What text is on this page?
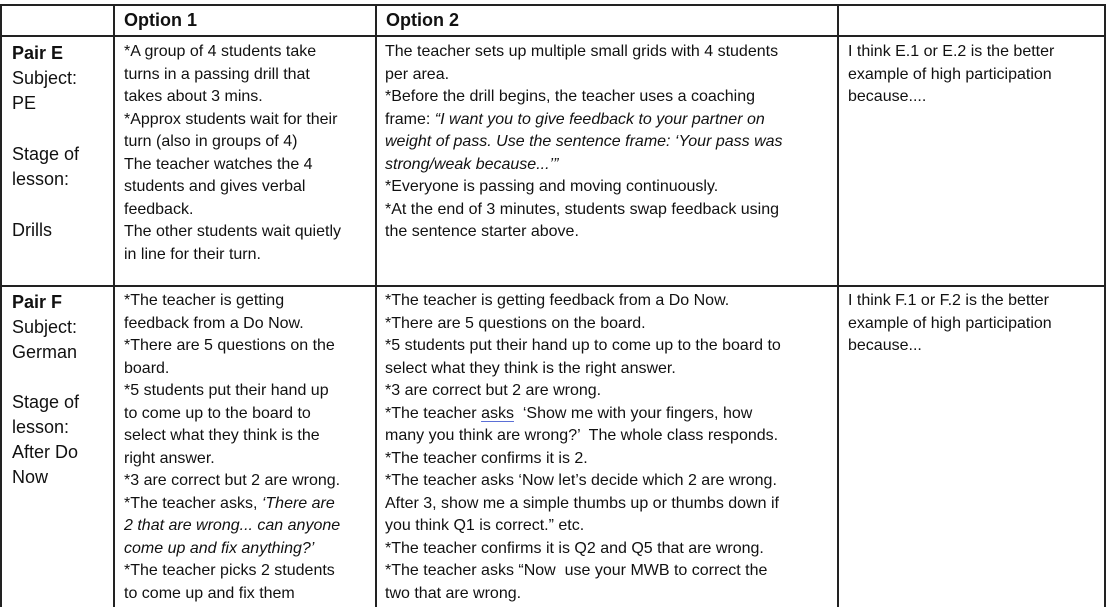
Option 1	Option 2
Pair E
Subject:
PE
Stage of
lesson:
Drills
*A group of 4 students take
turns in a passing drill that
takes about 3 mins.
*Approx students wait for their
turn (also in groups of 4)
The teacher watches the 4
students and gives verbal
feedback.
The other students wait quietly
in line for their turn.
The teacher sets up multiple small grids with 4 students
per area.
*Before the drill begins, the teacher uses a coaching
frame: “I want you to give feedback to your partner on
weight of pass. Use the sentence frame: ‘Your pass was
strong/weak because...’”
*Everyone is passing and moving continuously.
*At the end of 3 minutes, students swap feedback using
the sentence starter above.
I think E.1 or E.2 is the better
example of high participation
because....
Pair F
Subject:
German
Stage of
lesson:
After Do
Now
*The teacher is getting
feedback from a Do Now.
*There are 5 questions on the
board.
*5 students put their hand up
to come up to the board to
select what they think is the
right answer.
*3 are correct but 2 are wrong.
*The teacher asks, ‘There are
2 that are wrong... can anyone
come up and fix anything?’
*The teacher picks 2 students
to come up and fix them
*The teacher is getting feedback from a Do Now.
*There are 5 questions on the board.
*5 students put their hand up to come up to the board to
select what they think is the right answer.
*3 are correct but 2 are wrong.
*The teacher asks  ‘Show me with your fingers, how
many you think are wrong?’  The whole class responds.
*The teacher confirms it is 2.
*The teacher asks ‘Now let’s decide which 2 are wrong.
After 3, show me a simple thumbs up or thumbs down if
you think Q1 is correct.” etc.
*The teacher confirms it is Q2 and Q5 that are wrong.
*The teacher asks “Now  use your MWB to correct the
two that are wrong.
I think F.1 or F.2 is the better
example of high participation
because...
